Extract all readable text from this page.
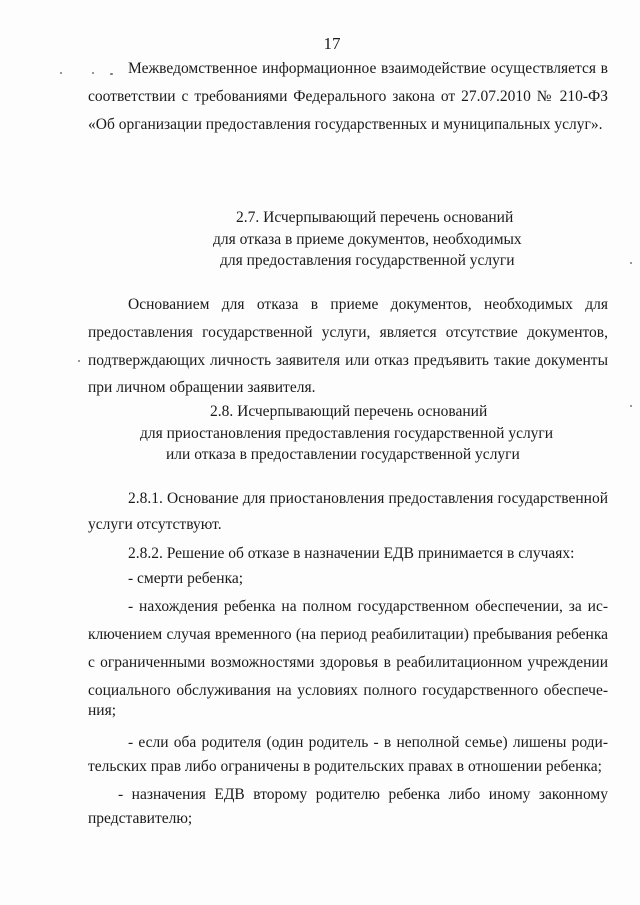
17
Межведомственное информационное взаимодействие осуществляется в
соответствии с требованиями Федерального закона от 27.07.2010 № 210-ФЗ
«Об организации предоставления государственных и муниципальных услуг».
2.7. Исчерпывающий перечень оснований
для отказа в приеме документов, необходимых
для предоставления государственной услуги
Основанием для отказа в приеме документов, необходимых для
предоставления государственной услуги, является отсутствие документов,
подтверждающих личность заявителя или отказ предъявить такие документы
при личном обращении заявителя.
2.8. Исчерпывающий перечень оснований
для приостановления предоставления государственной услуги
или отказа в предоставлении государственной услуги
2.8.1. Основание для приостановления предоставления государственной
услуги отсутствуют.
2.8.2. Решение об отказе в назначении ЕДВ принимается в случаях:
- смерти ребенка;
- нахождения ребенка на полном государственном обеспечении, за ис-
ключением случая временного (на период реабилитации) пребывания ребенка
с ограниченными возможностями здоровья в реабилитационном учреждении
социального обслуживания на условиях полного государственного обеспече-
ния;
- если оба родителя (один родитель - в неполной семье) лишены роди-
тельских прав либо ограничены в родительских правах в отношении ребенка;
- назначения ЕДВ второму родителю ребенка либо иному законному
представителю;
